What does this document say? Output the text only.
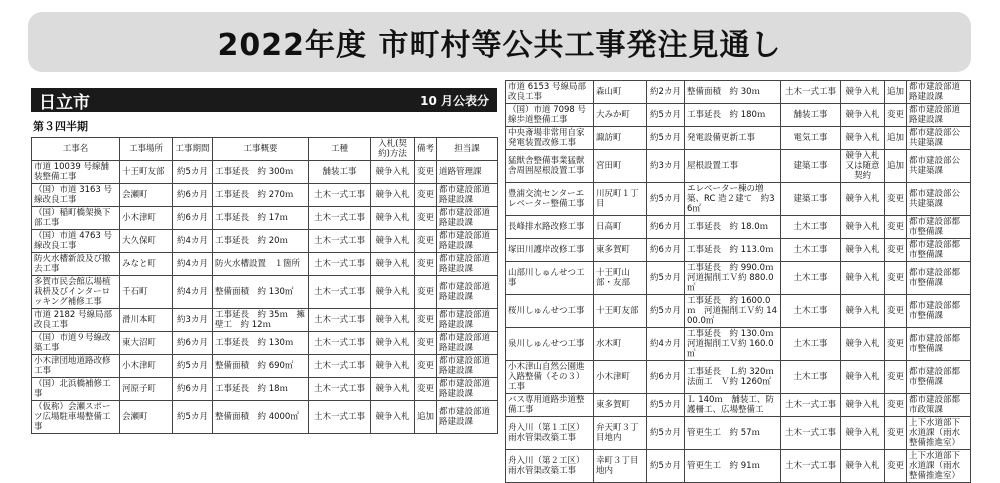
2022年度 市町村等公共工事発注見通し
日立市	10 月公表分
第３四半期
工事名	工事場所	工事期間	工事概要	工種	入札(契約)方法	備考	担当課
市道 10039 号線舗装整備工事	十王町友部	約5カ月	工事延長　約 300ｍ	舗装工事	競争入札	変更	道路管理課
（国）市道 3163 号線改良工事	会瀬町	約6カ月	工事延長　約 270ｍ	土木一式工事	競争入札	変更	都市建設部道路建設課
（国）稲町橋架換下部工事	小木津町	約6カ月	工事延長　約 17ｍ	土木一式工事	競争入札	変更	都市建設部道路建設課
（国）市道 4763 号線改良工事	大久保町	約4カ月	工事延長　約 20ｍ	土木一式工事	競争入札	変更	都市建設部道路建設課
防火水槽新設及び撤去工事	みなと町	約4カ月	防火水槽設置　１箇所	土木一式工事	競争入札	変更	都市建設部道路建設課
多賀市民会館広場植栽枡及びインターロッキング補修工事	千石町	約4カ月	整備面積　約 130㎡	土木一式工事	競争入札	変更	都市建設部道路建設課
市道 2182 号線局部改良工事	滑川本町	約3カ月	工事延長　約 35ｍ　擁壁工　約 12ｍ	土木一式工事	競争入札	変更	都市建設部道路建設課
（国）市道９号線改築工事	東大沼町	約6カ月	工事延長　約 130ｍ	土木一式工事	競争入札	変更	都市建設部道路建設課
小木津団地道路改修工事	小木津町	約5カ月	整備面積　約 690㎡	土木一式工事	競争入札	変更	都市建設部道路建設課
（国）北浜橋補修工事	河原子町	約6カ月	工事延長　約 18ｍ	土木一式工事	競争入札	変更	都市建設部道路建設課
（仮称）会瀬スポーツ広場駐車場整備工事	会瀬町	約5カ月	整備面積　約 4000㎡	土木一式工事	競争入札	追加	都市建設部道路建設課
市道 6153 号線局部改良工事	森山町	約2カ月	整備面積　約 30ｍ	土木一式工事	競争入札	追加	都市建設部道路建設課
（国）市道 7098 号線歩道整備工事	大みか町	約5カ月	工事延長　約 180ｍ	舗装工事	競争入札	変更	都市建設部道路建設課
中央斎場非常用自家発電装置改修工事	諏訪町	約5カ月	発電設備更新工事	電気工事	競争入札	追加	都市建設部公共建築課
猛獣舎整備事業猛獣舎周囲屋根設置工事	宮田町	約3カ月	屋根設置工事	建築工事	競争入札又は随意契約	追加	都市建設部公共建築課
豊浦交流センターエレベーター整備工事	川尻町１丁目	約5カ月	エレベーター棟の増築、RC 造２建て　約36㎡	建築工事	競争入札	変更	都市建設部公共建築課
長峰排水路改修工事	日高町	約6カ月	工事延長　約 18.0ｍ	土木工事	競争入札	変更	都市建設部都市整備課
塚田川護岸改修工事	東多賀町	約6カ月	工事延長　約 113.0ｍ	土木工事	競争入札	変更	都市建設部都市整備課
山部川しゅんせつ工事	十王町山部・友部	約5カ月	工事延長　約 990.0ｍ　河道掘削工Ｖ約 880.0㎥	土木工事	競争入札	変更	都市建設部都市整備課
桜川しゅんせつ工事	十王町友部	約5カ月	工事延長　約 1600.0ｍ　河道掘削工Ｖ約 1400.0㎥	土木工事	競争入札	変更	都市建設部都市整備課
泉川しゅんせつ工事	水木町	約4カ月	工事延長　約 130.0ｍ　河道掘削工Ｖ約 160.0㎥	土木工事	競争入札	変更	都市建設部都市整備課
小木津山自然公園進入路整備（その３）工事	小木津町	約6カ月	工事延長　Ｌ約 320ｍ　法面工　Ｖ約 1260㎡	土木工事	競争入札	変更	都市建設部都市整備課
バス専用道路歩道整備工事	東多賀町	約5カ月	Ｌ 140ｍ　舗装工、防護柵工、広場整備工	土木一式工事	競争入札	変更	都市建設部都市政策課
舟入川（第１工区）雨水管渠改築工事	弁天町３丁目地内	約5カ月	管更生工　約 57ｍ	土木一式工事	競争入札	変更	上下水道部下水道課（雨水整備推進室）
舟入川（第２工区）雨水管渠改築工事	幸町３丁目地内	約5カ月	管更生工　約 91ｍ	土木一式工事	競争入札	変更	上下水道部下水道課（雨水整備推進室）
